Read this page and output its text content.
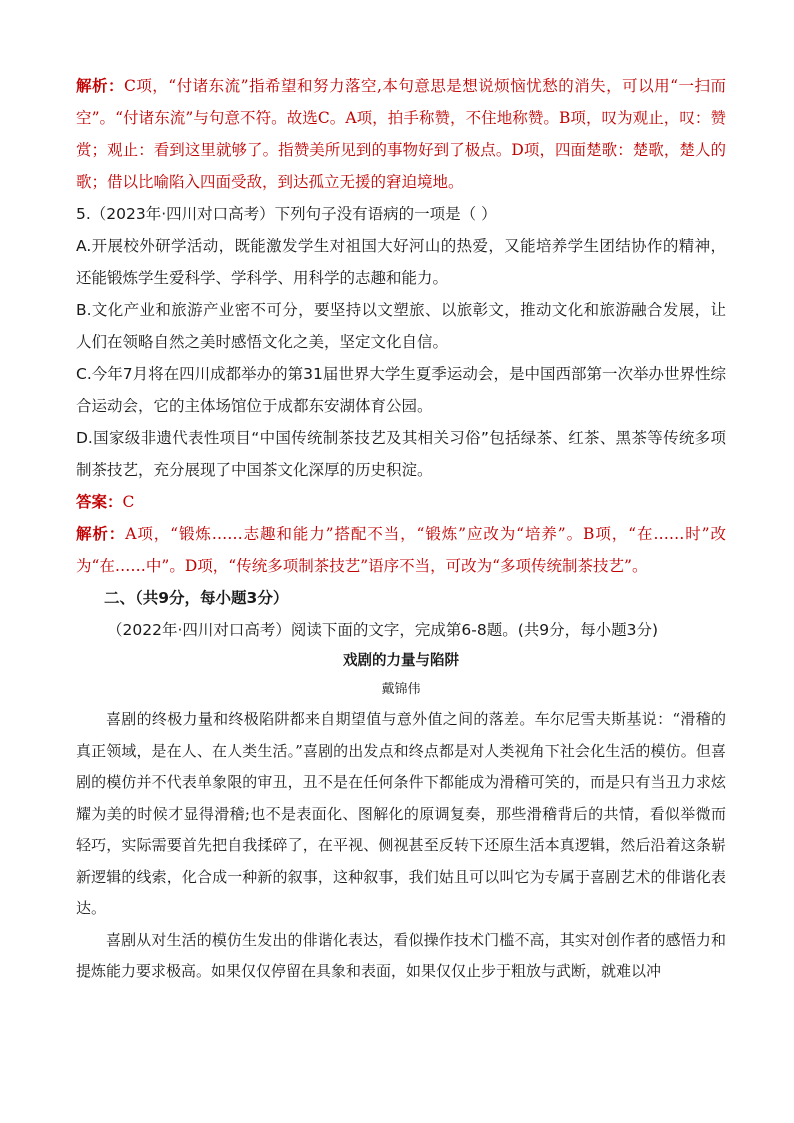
解析：C项，“付诸东流”指希望和努力落空,本句意思是想说烦恼忧愁的消失，可以用“一扫而空”。“付诸东流”与句意不符。故选C。A项，拍手称赞，不住地称赞。B项，叹为观止，叹：赞赏；观止：看到这里就够了。指赞美所见到的事物好到了极点。D项，四面楚歌：楚歌，楚人的歌；借以比喻陷入四面受敌，到达孤立无援的窘迫境地。

5.（2023年·四川对口高考）下列句子没有语病的一项是（ ）

A.开展校外研学活动，既能激发学生对祖国大好河山的热爱，又能培养学生团结协作的精神，还能锻炼学生爱科学、学科学、用科学的志趣和能力。

B.文化产业和旅游产业密不可分，要坚持以文塑旅、以旅彰文，推动文化和旅游融合发展，让人们在领略自然之美时感悟文化之美，坚定文化自信。

C.今年7月将在四川成都举办的第31届世界大学生夏季运动会，是中国西部第一次举办世界性综合运动会，它的主体场馆位于成都东安湖体育公园。

D.国家级非遗代表性项目“中国传统制茶技艺及其相关习俗”包括绿茶、红茶、黑茶等传统多项制茶技艺，充分展现了中国茶文化深厚的历史积淀。

答案：C

解析：A项，“锻炼……志趣和能力”搭配不当，“锻炼”应改为“培养”。B项，“在……时”改为“在……中”。D项，“传统多项制茶技艺”语序不当，可改为“多项传统制茶技艺”。

二、（共9分，每小题3分）

（2022年·四川对口高考）阅读下面的文字，完成第6-8题。(共9分，每小题3分)

戏剧的力量与陷阱

戴锦伟

喜剧的终极力量和终极陷阱都来自期望值与意外值之间的落差。车尔尼雪夫斯基说：“滑稽的真正领域，是在人、在人类生活。”喜剧的出发点和终点都是对人类视角下社会化生活的模仿。但喜剧的模仿并不代表单象限的审丑，丑不是在任何条件下都能成为滑稽可笑的，而是只有当丑力求炫耀为美的时候才显得滑稽;也不是表面化、图解化的原调复奏，那些滑稽背后的共情，看似举微而轻巧，实际需要首先把自我揉碎了，在平视、侧视甚至反转下还原生活本真逻辑，然后沿着这条崭新逻辑的线索，化合成一种新的叙事，这种叙事，我们姑且可以叫它为专属于喜剧艺术的俳谐化表达。

喜剧从对生活的模仿生发出的俳谐化表达，看似操作技术门槛不高，其实对创作者的感悟力和提炼能力要求极高。如果仅仅停留在具象和表面，如果仅仅止步于粗放与武断，就难以冲
